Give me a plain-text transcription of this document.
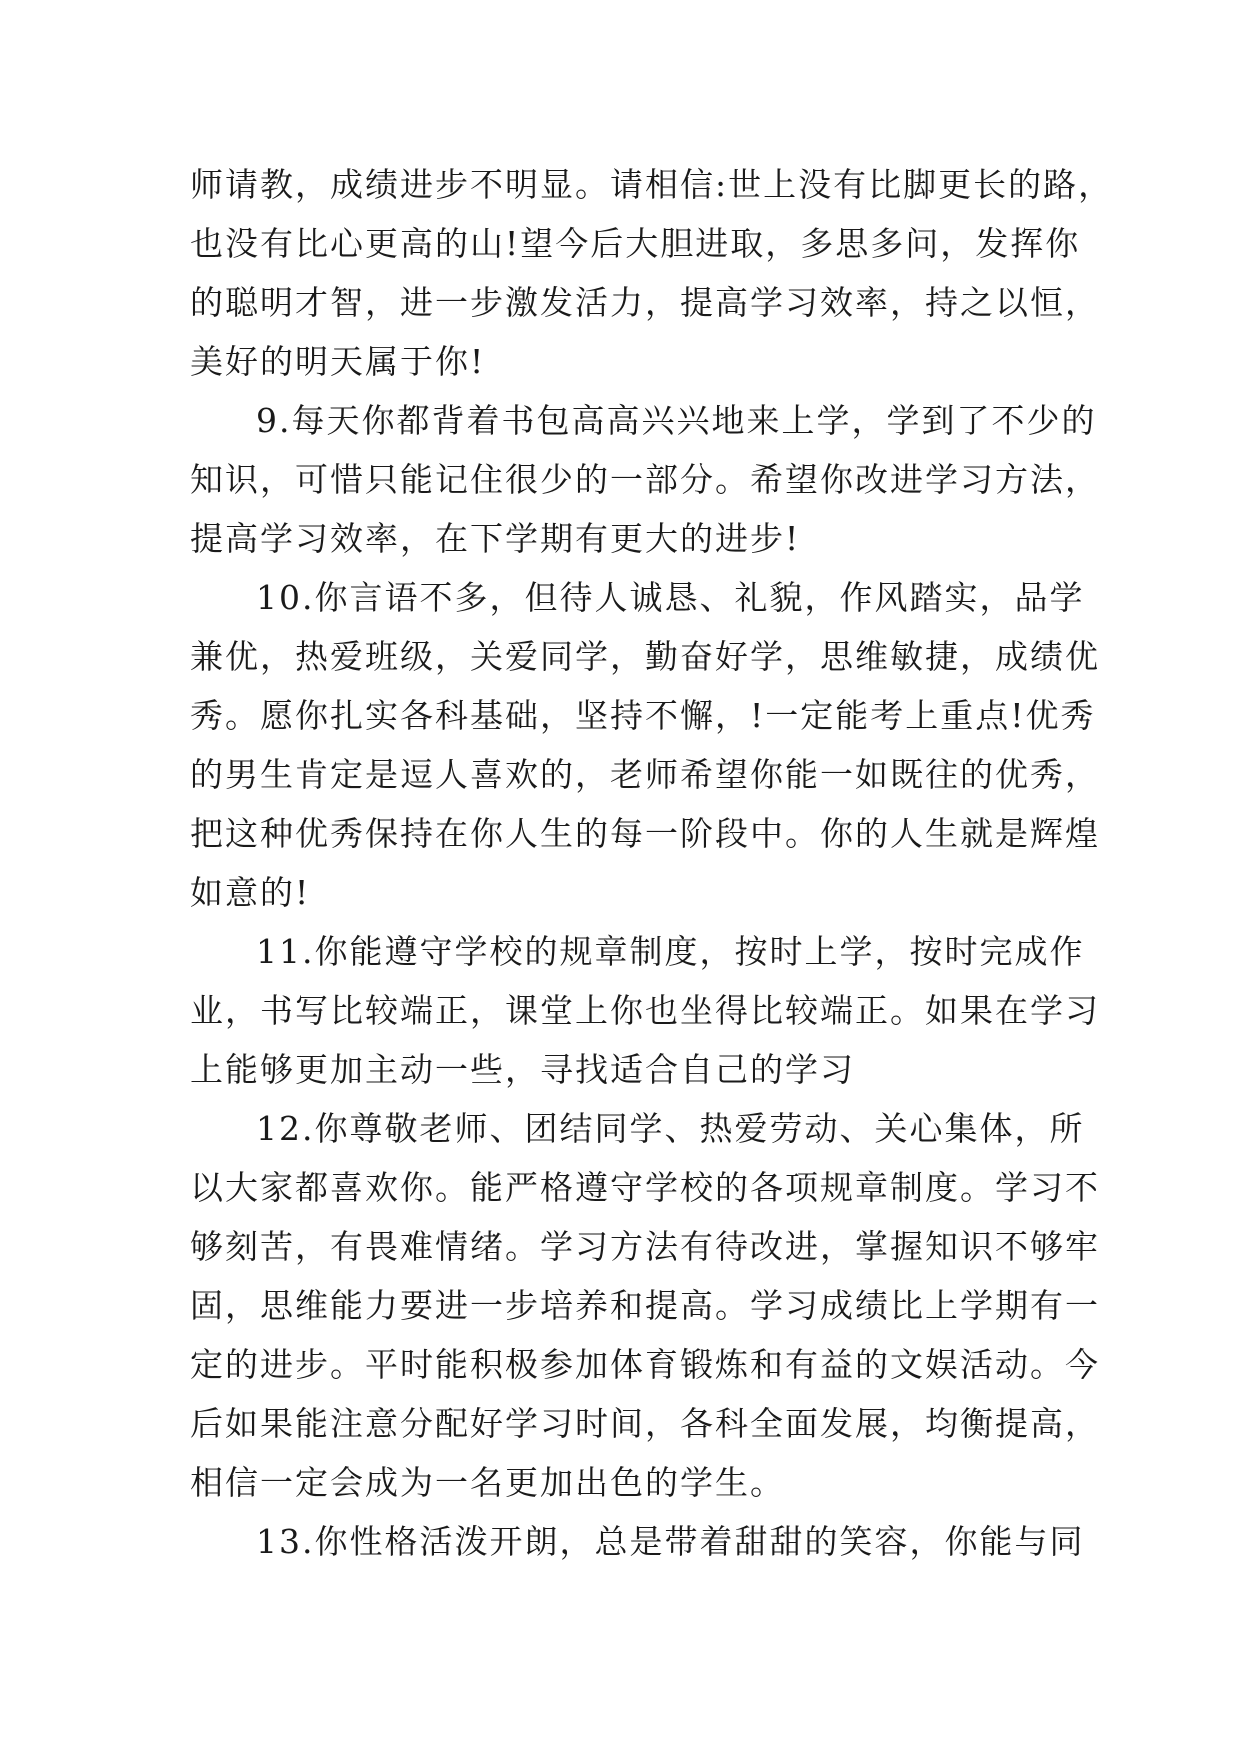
师请教，成绩进步不明显。请相信:世上没有比脚更长的路，
也没有比心更高的山!望今后大胆进取，多思多问，发挥你
的聪明才智，进一步激发活力，提高学习效率，持之以恒，
美好的明天属于你!
9.每天你都背着书包高高兴兴地来上学，学到了不少的
知识，可惜只能记住很少的一部分。希望你改进学习方法，
提高学习效率，在下学期有更大的进步!
10.你言语不多，但待人诚恳、礼貌，作风踏实，品学
兼优，热爱班级，关爱同学，勤奋好学，思维敏捷，成绩优
秀。愿你扎实各科基础，坚持不懈，!一定能考上重点!优秀
的男生肯定是逗人喜欢的，老师希望你能一如既往的优秀，
把这种优秀保持在你人生的每一阶段中。你的人生就是辉煌
如意的!
11.你能遵守学校的规章制度，按时上学，按时完成作
业，书写比较端正，课堂上你也坐得比较端正。如果在学习
上能够更加主动一些，寻找适合自己的学习
12.你尊敬老师、团结同学、热爱劳动、关心集体，所
以大家都喜欢你。能严格遵守学校的各项规章制度。学习不
够刻苦，有畏难情绪。学习方法有待改进，掌握知识不够牢
固，思维能力要进一步培养和提高。学习成绩比上学期有一
定的进步。平时能积极参加体育锻炼和有益的文娱活动。今
后如果能注意分配好学习时间，各科全面发展，均衡提高，
相信一定会成为一名更加出色的学生。
13.你性格活泼开朗，总是带着甜甜的笑容，你能与同
